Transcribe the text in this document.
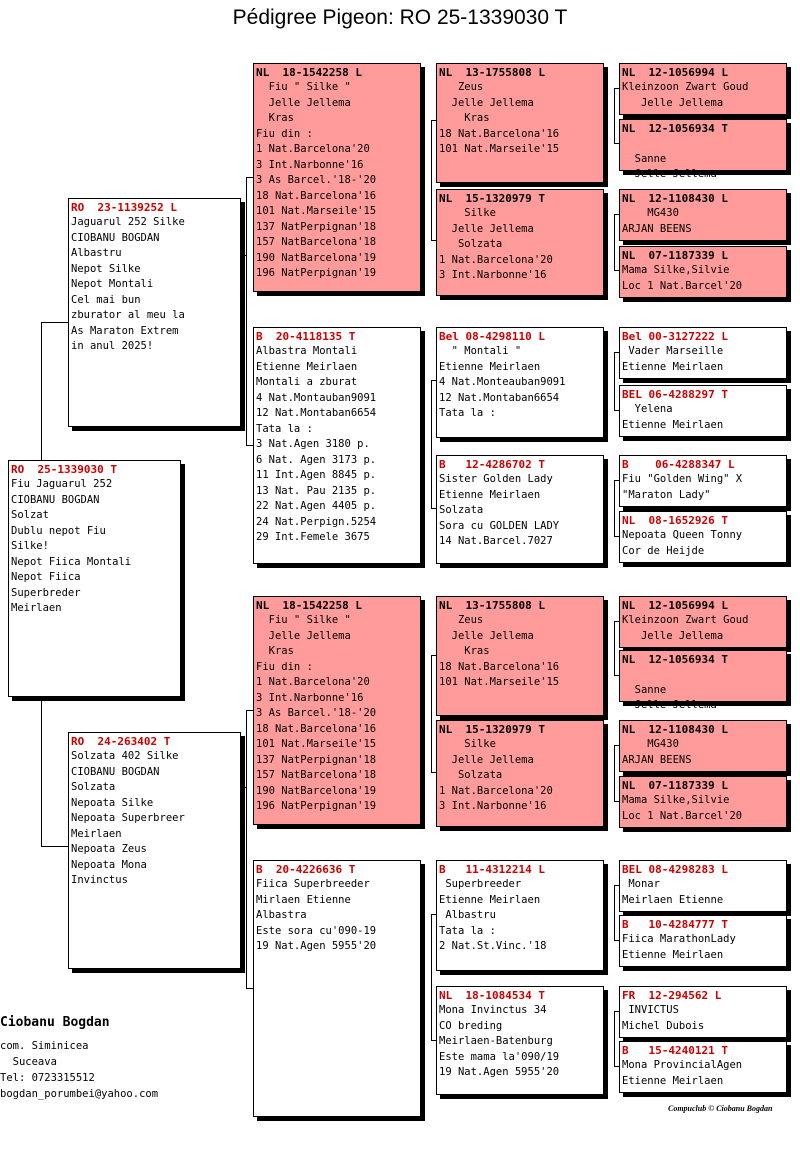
Pédigree Pigeon: RO 25-1339030 T
RO  25-1339030 T
Fiu Jaguarul 252
CIOBANU BOGDAN
Solzat
Dublu nepot Fiu
Silke!
Nepot Fiica Montali
Nepot Fiica
Superbreder
Meirlaen
RO  23-1139252 L
Jaguarul 252 Silke
CIOBANU BOGDAN
Albastru
Nepot Silke
Nepot Montali
Cel mai bun
zburator al meu la
As Maraton Extrem
in anul 2025!
RO  24-263402 T
Solzata 402 Silke
CIOBANU BOGDAN
Solzata
Nepoata Silke
Nepoata Superbreer
Meirlaen
Nepoata Zeus
Nepoata Mona
Invinctus
NL  18-1542258 L
Fiu " Silke "
Jelle Jellema
Kras
Fiu din :
1 Nat.Barcelona'20
3 Int.Narbonne'16
3 As Barcel.'18-'20
18 Nat.Barcelona'16
101 Nat.Marseile'15
137 NatPerpignan'18
157 NatBarcelona'18
190 NatBarcelona'19
196 NatPerpignan'19
B  20-4118135 T
Albastra Montali
Etienne Meirlaen
Montali a zburat
4 Nat.Montauban9091
12 Nat.Montaban6654
Tata la :
3 Nat.Agen 3180 p.
6 Nat. Agen 3173 p.
11 Int.Agen 8845 p.
13 Nat. Pau 2135 p.
22 Nat.Agen 4405 p.
24 Nat.Perpign.5254
29 Int.Femele 3675
NL  18-1542258 L
Fiu " Silke "
Jelle Jellema
Kras
Fiu din :
1 Nat.Barcelona'20
3 Int.Narbonne'16
3 As Barcel.'18-'20
18 Nat.Barcelona'16
101 Nat.Marseile'15
137 NatPerpignan'18
157 NatBarcelona'18
190 NatBarcelona'19
196 NatPerpignan'19
B  20-4226636 T
Fiica Superbreeder
Mirlaen Etienne
Albastra
Este sora cu'090-19
19 Nat.Agen 5955'20
NL  13-1755808 L
Zeus
Jelle Jellema
Kras
18 Nat.Barcelona'16
101 Nat.Marseile'15
NL  15-1320979 T
Silke
Jelle Jellema
Solzata
1 Nat.Barcelona'20
3 Int.Narbonne'16
Bel 08-4298110 L
" Montali "
Etienne Meirlaen
4 Nat.Monteauban9091
12 Nat.Montaban6654
Tata la :
B   12-4286702 T
Sister Golden Lady
Etienne Meirlaen
Solzata
Sora cu GOLDEN LADY
14 Nat.Barcel.7027
NL  13-1755808 L
Zeus
Jelle Jellema
Kras
18 Nat.Barcelona'16
101 Nat.Marseile'15
NL  15-1320979 T
Silke
Jelle Jellema
Solzata
1 Nat.Barcelona'20
3 Int.Narbonne'16
B   11-4312214 L
Superbreeder
Etienne Meirlaen
Albastru
Tata la :
2 Nat.St.Vinc.'18
NL  18-1084534 T
Mona Invinctus 34
CO breding
Meirlaen-Batenburg
Este mama la'090/19
19 Nat.Agen 5955'20
NL  12-1056994 L
Kleinzoon Zwart Goud
Jelle Jellema
NL  12-1056934 T
Sanne
Jelle Jellema
NL  12-1108430 L
MG430
ARJAN BEENS
NL  07-1187339 L
Mama Silke,Silvie
Loc 1 Nat.Barcel'20
Bel 00-3127222 L
Vader Marseille
Etienne Meirlaen
BEL 06-4288297 T
Yelena
Etienne Meirlaen
B    06-4288347 L
Fiu "Golden Wing" X
"Maraton Lady"
NL  08-1652926 T
Nepoata Queen Tonny
Cor de Heijde
NL  12-1056994 L
Kleinzoon Zwart Goud
Jelle Jellema
NL  12-1056934 T
Sanne
Jelle Jellema
NL  12-1108430 L
MG430
ARJAN BEENS
NL  07-1187339 L
Mama Silke,Silvie
Loc 1 Nat.Barcel'20
BEL 08-4298283 L
Monar
Meirlaen Etienne
B   10-4284777 T
Fiica MarathonLady
Etienne Meirlaen
FR  12-294562 L
INVICTUS
Michel Dubois
B   15-4240121 T
Mona ProvincialAgen
Etienne Meirlaen
Ciobanu Bogdan
com. Siminicea
Suceava
Tel: 0723315512
bogdan_porumbei@yahoo.com
Compuclub © Ciobanu Bogdan
